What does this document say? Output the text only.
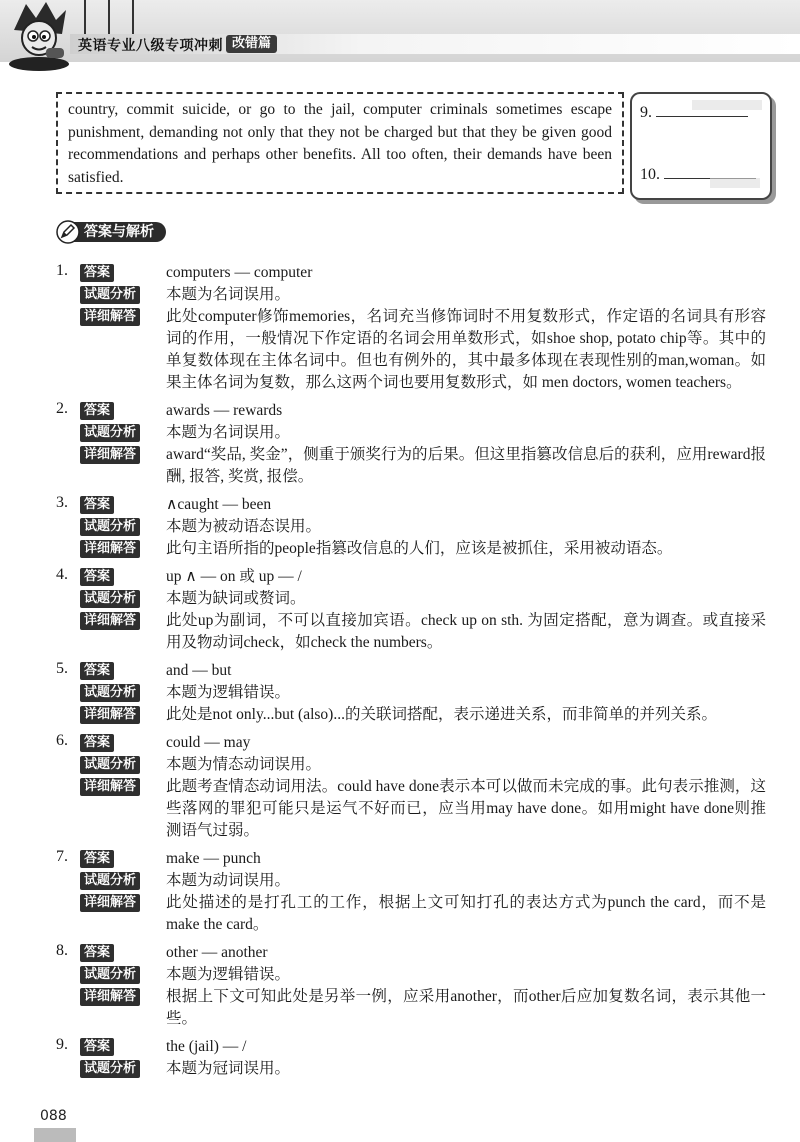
英语专业八级专项冲刺 改错篇

country, commit suicide, or go to the jail, computer criminals sometimes escape punishment, demanding not only that they not be charged but that they be given good recommendations and perhaps other benefits. All too often, their demands have been satisfied.

9.
10.
答案与解析
1.	答案	computers — computer
试题分析 本题为名词误用。
详细解答 此处computer修饰memories，名词充当修饰词时不用复数形式，作定语的名词具有形容词的作用，一般情况下作定语的名词会用单数形式，如shoe shop, potato chip等。其中的单复数体现在主体名词中。但也有例外的，其中最多体现在表现性别的man,woman。如果主体名词为复数，那么这两个词也要用复数形式，如 men doctors, women teachers。
2.	答案	awards — rewards
试题分析 本题为名词误用。
详细解答 award“奖品, 奖金”，侧重于颁奖行为的后果。但这里指篡改信息后的获利，应用reward报酬, 报答, 奖赏, 报偿。
3.	答案	∧caught — been
试题分析 本题为被动语态误用。
详细解答 此句主语所指的people指篡改信息的人们，应该是被抓住，采用被动语态。
4.	答案	up ∧ — on 或 up — /
试题分析 本题为缺词或赘词。
详细解答 此处up为副词，不可以直接加宾语。check up on sth. 为固定搭配，意为调查。或直接采用及物动词check，如check the numbers。
5.	答案	and — but
试题分析 本题为逻辑错误。
详细解答 此处是not only...but (also)...的关联词搭配，表示递进关系，而非简单的并列关系。
6.	答案	could — may
试题分析 本题为情态动词误用。
详细解答 此题考查情态动词用法。could have done表示本可以做而未完成的事。此句表示推测，这些落网的罪犯可能只是运气不好而已，应当用may have done。如用might have done则推测语气过弱。
7.	答案	make — punch
试题分析 本题为动词误用。
详细解答 此处描述的是打孔工的工作，根据上文可知打孔的表达方式为punch the card，而不是make the card。
8.	答案	other — another
试题分析 本题为逻辑错误。
详细解答 根据上下文可知此处是另举一例，应采用another，而other后应加复数名词，表示其他一些。
9.	答案	the (jail) — /
试题分析 本题为冠词误用。
088
